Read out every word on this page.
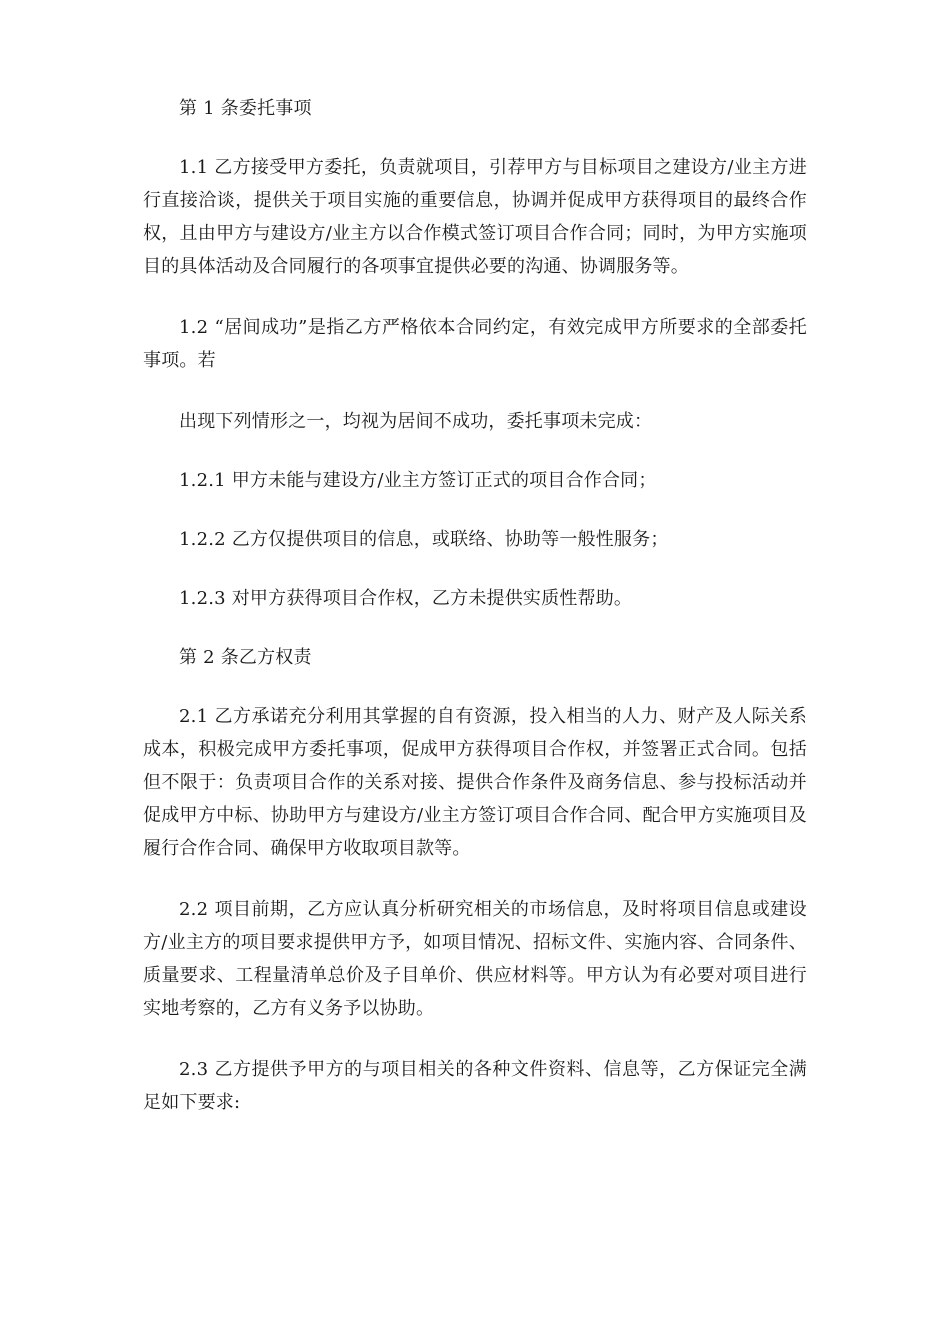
第 1 条委托事项

1.1 乙方接受甲方委托，负责就项目，引荐甲方与目标项目之建设方/业主方进行直接洽谈，提供关于项目实施的重要信息，协调并促成甲方获得项目的最终合作权，且由甲方与建设方/业主方以合作模式签订项目合作合同；同时，为甲方实施项目的具体活动及合同履行的各项事宜提供必要的沟通、协调服务等。

1.2 “居间成功”是指乙方严格依本合同约定，有效完成甲方所要求的全部委托事项。若

出现下列情形之一，均视为居间不成功，委托事项未完成：

1.2.1 甲方未能与建设方/业主方签订正式的项目合作合同；

1.2.2 乙方仅提供项目的信息，或联络、协助等一般性服务；

1.2.3 对甲方获得项目合作权，乙方未提供实质性帮助。

第 2 条乙方权责

2.1 乙方承诺充分利用其掌握的自有资源，投入相当的人力、财产及人际关系成本，积极完成甲方委托事项，促成甲方获得项目合作权，并签署正式合同。包括但不限于：负责项目合作的关系对接、提供合作条件及商务信息、参与投标活动并促成甲方中标、协助甲方与建设方/业主方签订项目合作合同、配合甲方实施项目及履行合作合同、确保甲方收取项目款等。

2.2 项目前期，乙方应认真分析研究相关的市场信息，及时将项目信息或建设方/业主方的项目要求提供甲方予，如项目情况、招标文件、实施内容、合同条件、质量要求、工程量清单总价及子目单价、供应材料等。甲方认为有必要对项目进行实地考察的，乙方有义务予以协助。

2.3 乙方提供予甲方的与项目相关的各种文件资料、信息等，乙方保证完全满足如下要求:
